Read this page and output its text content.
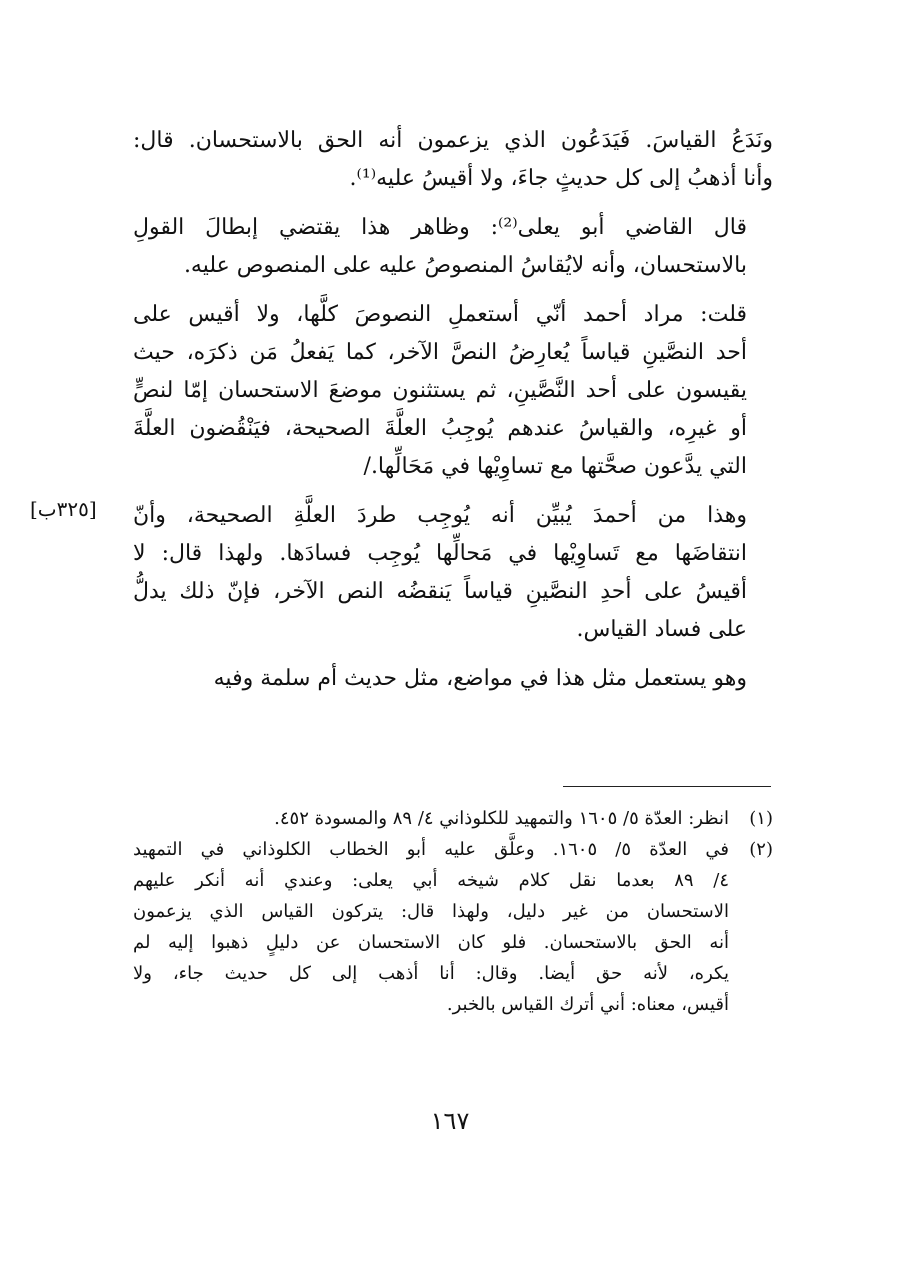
ونَدَعُ القياسَ. فَيَدَعُون الذي يزعمون أنه الحق بالاستحسان. قال:
وأنا أذهبُ إلى كل حديثٍ جاءَ، ولا أقيسُ عليه⁽¹⁾.

قال القاضي أبو يعلى⁽²⁾: وظاهر هذا يقتضي إبطالَ القولِ
بالاستحسان، وأنه لايُقاسُ المنصوصُ عليه على المنصوص عليه.

قلت: مراد أحمد أنّي أستعملِ النصوصَ كلَّها، ولا أقيس على
أحد النصَّينِ قياساً يُعارِضُ النصَّ الآخر، كما يَفعلُ مَن ذكرَه، حيث
يقيسون على أحد النَّصَّينِ، ثم يستثنون موضعَ الاستحسان إمّا لنصٍّ
أو غيرِه، والقياسُ عندهم يُوجِبُ العلَّةَ الصحيحة، فيَنْقُضون العلَّةَ
التي يدَّعون صحَّتها مع تساوِيْها في مَحَالِّها./

وهذا من أحمدَ يُبيِّن أنه يُوجِب طردَ العلَّةِ الصحيحة، وأنّ
انتقاضَها مع تَساوِيْها في مَحالِّها يُوجِب فسادَها. ولهذا قال: لا
أقيسُ على أحدِ النصَّينِ قياساً يَنقضُه النص الآخر، فإنّ ذلك يدلُّ
على فساد القياس.

وهو يستعمل مثل هذا في مواضع، مثل حديث أم سلمة وفيه

[٣٢٥ب]
(١)
انظر: العدّة ٥/ ١٦٠٥ والتمهيد للكلوذاني ٤/ ٨٩ والمسودة ٤٥٢.
(٢)
في العدّة ٥/ ١٦٠٥. وعلَّق عليه أبو الخطاب الكلوذاني في التمهيد
٤/ ٨٩ بعدما نقل كلام شيخه أبي يعلى: وعندي أنه أنكر عليهم
الاستحسان من غير دليل، ولهذا قال: يتركون القياس الذي يزعمون
أنه الحق بالاستحسان. فلو كان الاستحسان عن دليلٍ ذهبوا إليه لم
يكره، لأنه حق أيضا. وقال: أنا أذهب إلى كل حديث جاء، ولا
أقيس، معناه: أني أترك القياس بالخبر.
١٦٧
